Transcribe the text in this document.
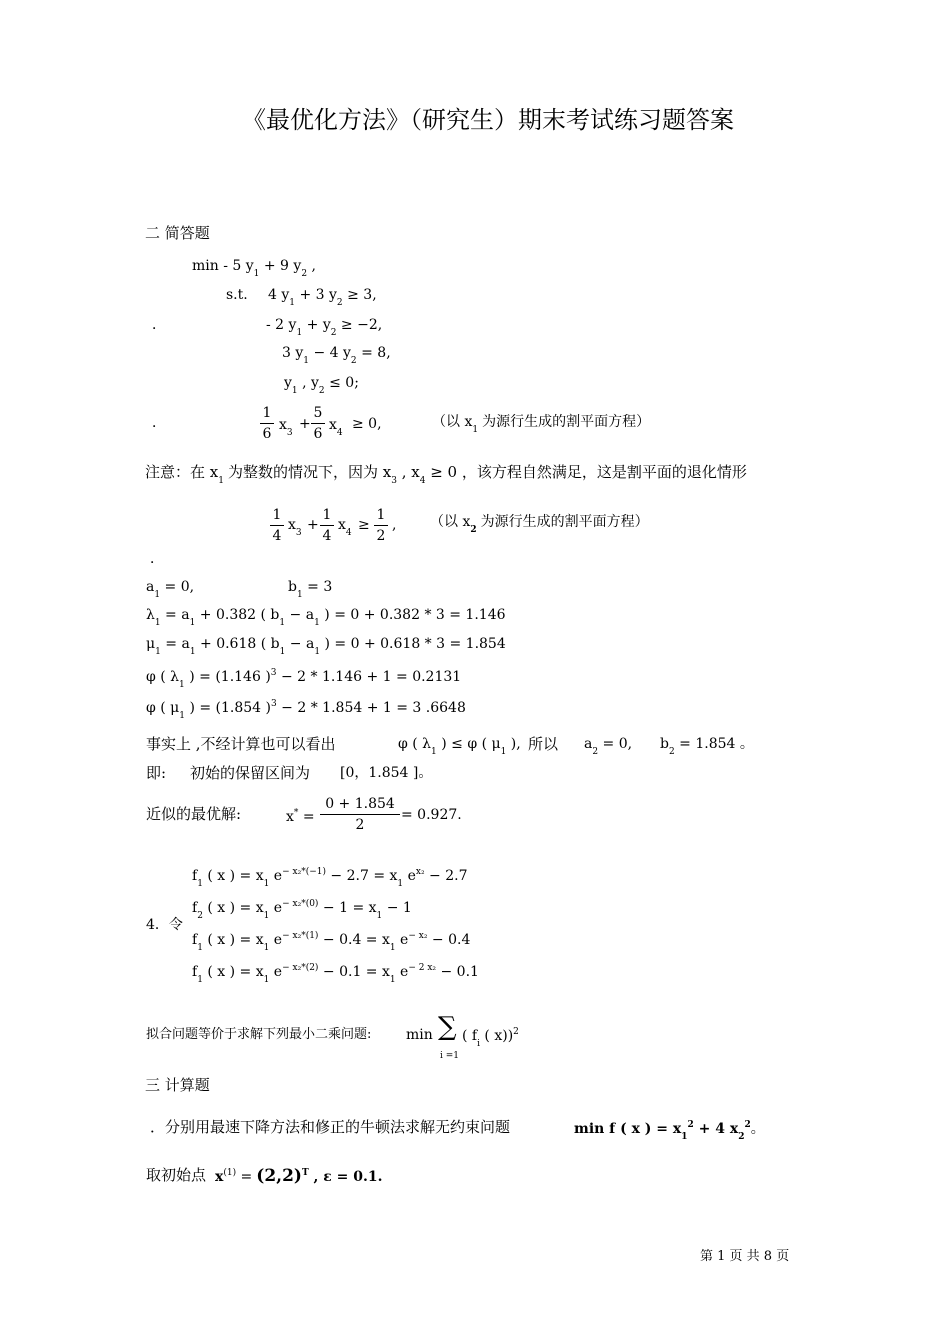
《最优化方法》（研究生）期末考试练习题答案
二 简答题
min - 5 $y_1 + 9$ $y_2$ ,
s.t. 4 $y_1 + 3$ $y_2 \ge 3$,
．	- 2 $y_1 + y_2 \ge -2$,
3 $y_1 - 4$ $y_2 = 8$,
$y_1$ , $y_2 \le 0$;
．
1
6
$x_3$
+
5
6
$x_4$
≥ 0,	（以 $x_1$ 为源行生成的割平面方程）
注意：在 $x_1$ 为整数的情况下，因为 $x_3$ , $x_4 \ge 0$ ，该方程自然满足，这是割平面的退化情形
1
4
$x_3$ +
1
4
$x_4$ ≥
1
2
, （以 $x_2$ 为源行生成的割平面方程）
．
$a_1 = 0$,	$b_1 = 3$
$\lambda_1 = a_1 + 0.382$ ( $b_1 - a_1$ ) = 0 + 0.382 * 3 = 1.146
$\mu_1 = a_1 + 0.618$ ( $b_1 - a_1$ ) = 0 + 0.618 * 3 = 1.854
φ ( $\lambda_1$ ) = (1.146 )$^3$ − 2 * 1.146 + 1 = 0.2131
φ ( $\mu_1$ ) = (1.854 )$^3$ − 2 * 1.854 + 1 = 3 .6648
事实上 ,不经计算也可以看出	φ ( $\lambda_1$ ) ≤ φ ( $\mu_1$ ), 所以 $a_2 = 0$, $b_2 = 1.854$ 。
即: 初始的保留区间为 [0，1.854 ]。
近似的最优解:	x* =
0 + 1.854
2
= 0.927.
4．令
$f_1$ ( x ) = $x_1$ $e^{- x_2*(-1)} - 2.7 = x_1$ $e^{x_2} - 2.7$
$f_2$ ( x ) = $x_1$ $e^{- x_2*(0)} - 1 = x_1 - 1$
$f_1$ ( x ) = $x_1$ $e^{- x_2*(1)} - 0.4 = x_1$ $e^{- x_2} - 0.4$
$f_1$ ( x ) = $x_1$ $e^{- x_2*(2)} - 0.1 = x_1$ $e^{- 2 x_2} - 0.1$
拟合问题等价于求解下列最小二乘问题: min ∑
i =1
( $f_i$ ( x))$^2$
三 计算题
．分别用最速下降方法和修正的牛顿法求解无约束问题	min f ( x ) = $x_1^2 + 4$ $x_2^2$。
取初始点 $x^{(1)} = (2,2)^T$ , ε = 0.1.
第 1 页 共 8 页
